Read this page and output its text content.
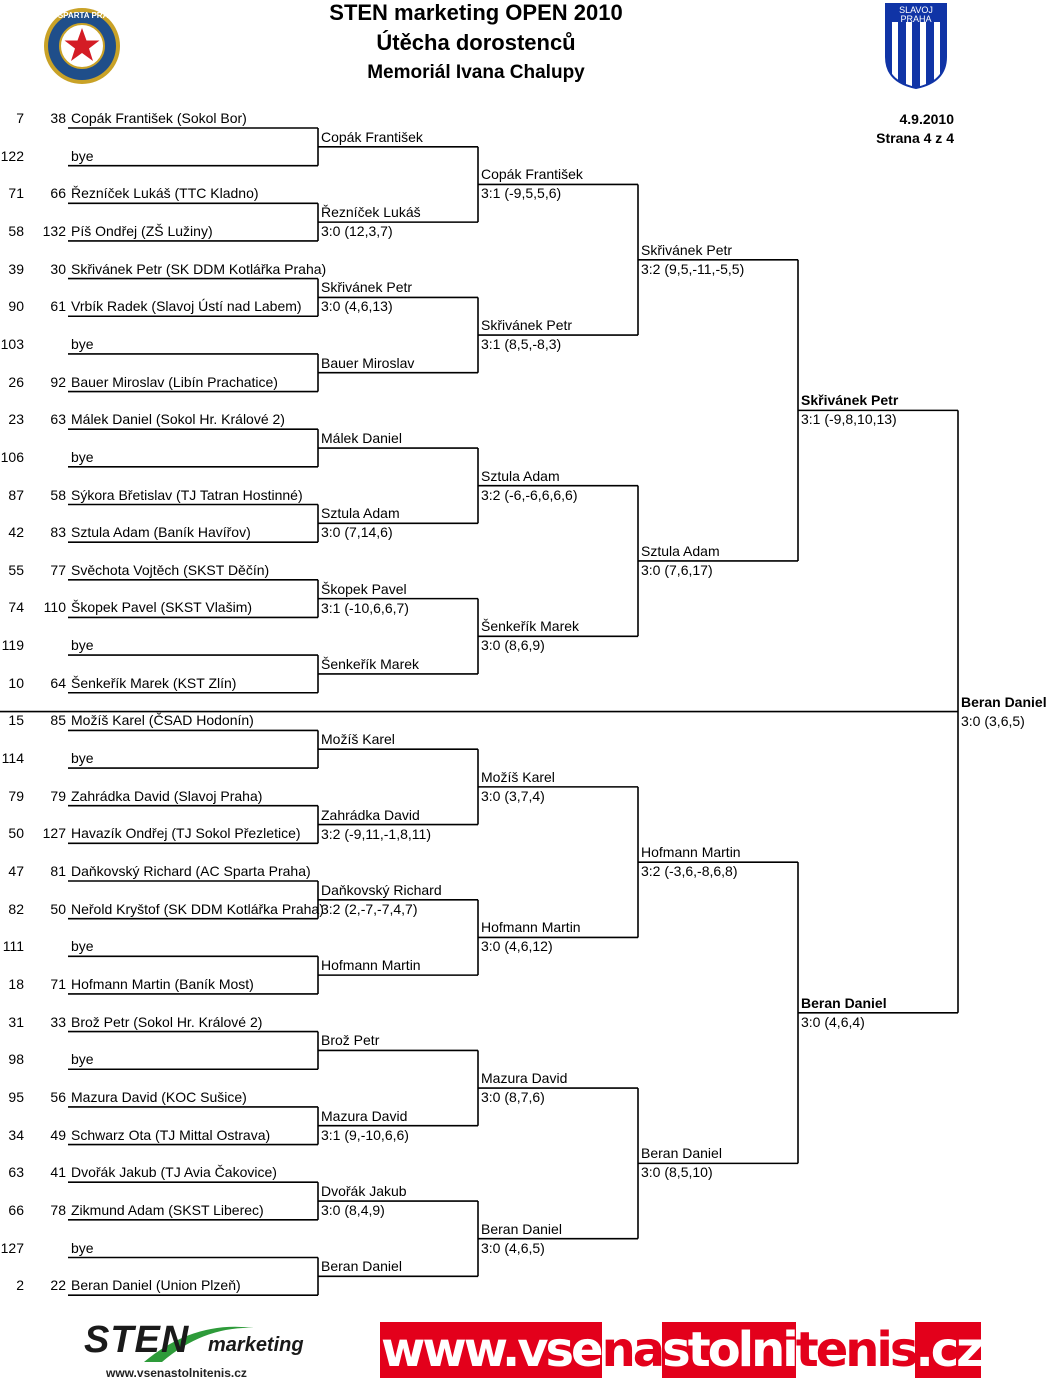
AC SPARTA PRAHA	STEN marketing OPEN 2010
Útěcha dorostenců
Memoriál Ivana Chalupy
SLAVOJ PRAHA
4.9.2010
Strana 4 z 4
7	38 Copák František (Sokol Bor)
122	bye
71	66 Řezníček Lukáš (TTC Kladno)
58	132 Píš Ondřej (ZŠ Lužiny)
39	30 Skřivánek Petr (SK DDM Kotlářka Praha)
90	61 Vrbík Radek (Slavoj Ústí nad Labem)
103	bye
26	92 Bauer Miroslav (Libín Prachatice)
23	63 Málek Daniel (Sokol Hr. Králové 2)
106	bye
87	58 Sýkora Břetislav (TJ Tatran Hostinné)
42	83 Sztula Adam (Baník Havířov)
55	77 Svěchota Vojtěch (SKST Děčín)
74	110 Škopek Pavel (SKST Vlašim)
119	bye
10	64 Šenkeřík Marek (KST Zlín)
15	85 Možíš Karel (ČSAD Hodonín)
114	bye
79	79 Zahrádka David (Slavoj Praha)
50	127 Havazík Ondřej (TJ Sokol Přezletice)
47	81 Daňkovský Richard (AC Sparta Praha)
82	50 Neřold Kryštof (SK DDM Kotlářka Praha)
111	bye
18	71 Hofmann Martin (Baník Most)
31	33 Brož Petr (Sokol Hr. Králové 2)
98	bye
95	56 Mazura David (KOC Sušice)
34	49 Schwarz Ota (TJ Mittal Ostrava)
63	41 Dvořák Jakub (TJ Avia Čakovice)
66	78 Zikmund Adam (SKST Liberec)
127	bye
2	22 Beran Daniel (Union Plzeň)
Copák František
Řezníček Lukáš
3:0 (12,3,7)
Skřivánek Petr
3:0 (4,6,13)
Bauer Miroslav
Málek Daniel
Sztula Adam
3:0 (7,14,6)
Škopek Pavel
3:1 (-10,6,6,7)
Šenkeřík Marek
Možíš Karel
Zahrádka David
3:2 (-9,11,-1,8,11)
Daňkovský Richard
3:2 (2,-7,-7,4,7)
Hofmann Martin
Brož Petr
Mazura David
3:1 (9,-10,6,6)
Dvořák Jakub
3:0 (8,4,9)
Beran Daniel
Copák František
3:1 (-9,5,5,6)
Skřivánek Petr
3:1 (8,5,-8,3)
Sztula Adam
3:2 (-6,-6,6,6,6)
Šenkeřík Marek
3:0 (8,6,9)
Možíš Karel
3:0 (3,7,4)
Hofmann Martin
3:0 (4,6,12)
Mazura David
3:0 (8,7,6)
Beran Daniel
3:0 (4,6,5)
Skřivánek Petr
3:2 (9,5,-11,-5,5)
Sztula Adam
3:0 (7,6,17)
Hofmann Martin
3:2 (-3,6,-8,6,8)
Beran Daniel
3:0 (8,5,10)
Skřivánek Petr
3:1 (-9,8,10,13)
Beran Daniel
3:0 (4,6,4)
Beran Daniel
3:0 (3,6,5)
STEN marketing
www.vsenastolnitenis.cz	www.vsenastolnitenis.cz
